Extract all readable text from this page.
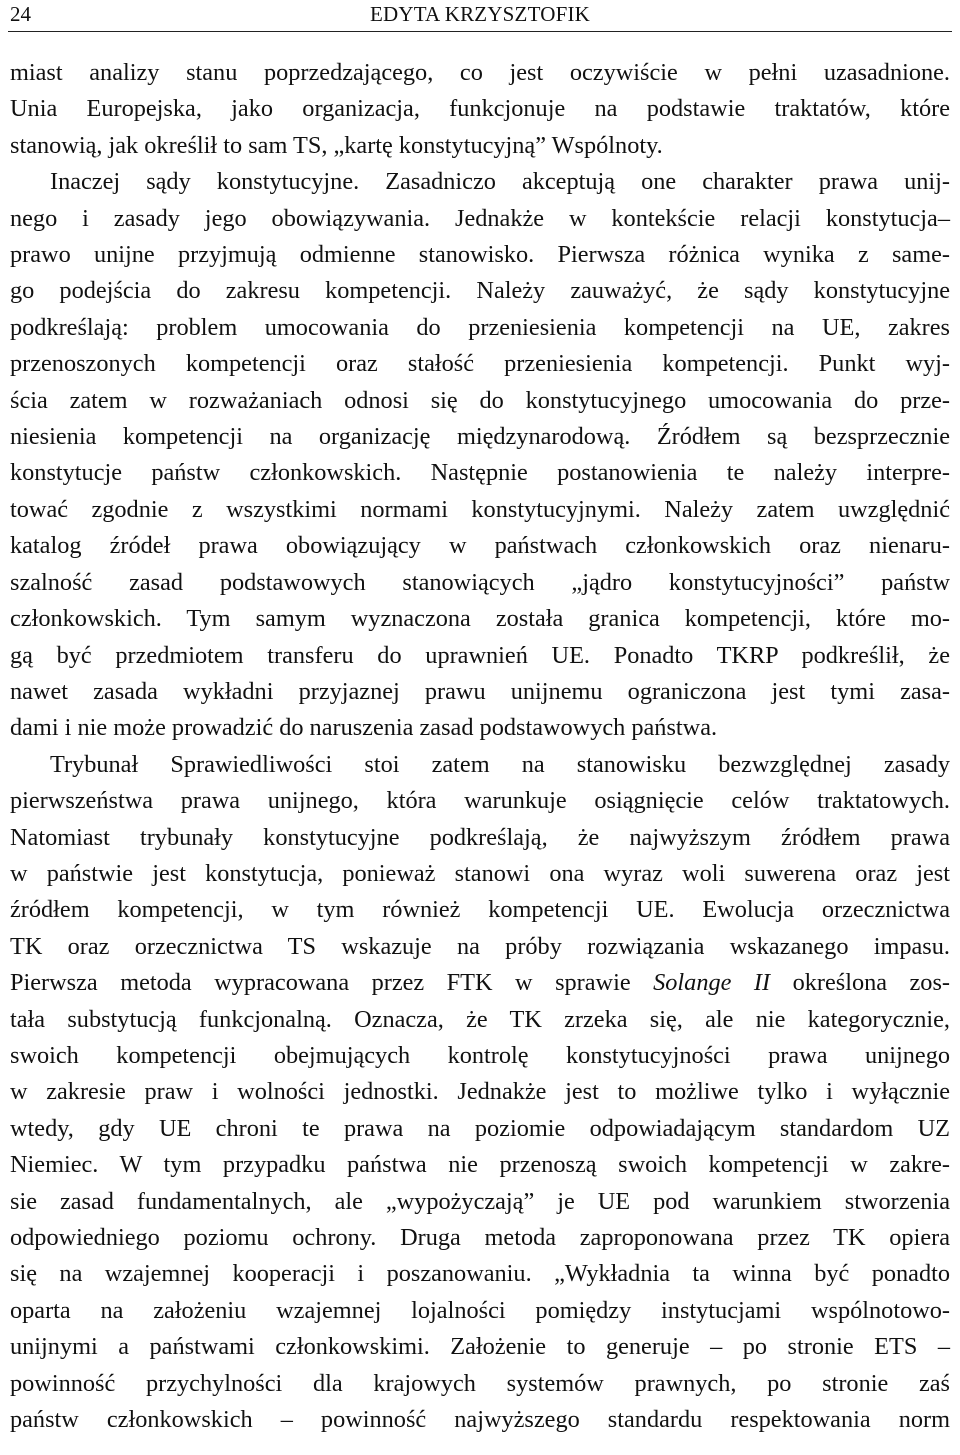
24	EDYTA KRZYSZTOFIK
miast analizy stanu poprzedzającego, co jest oczywiście w pełni uzasadnione.
Unia Europejska, jako organizacja, funkcjonuje na podstawie traktatów, które
stanowią, jak określił to sam TS, „kartę konstytucyjną” Wspólnoty.
Inaczej sądy konstytucyjne. Zasadniczo akceptują one charakter prawa unij-
nego i zasady jego obowiązywania. Jednakże w kontekście relacji konstytucja–
prawo unijne przyjmują odmienne stanowisko. Pierwsza różnica wynika z same-
go podejścia do zakresu kompetencji. Należy zauważyć, że sądy konstytucyjne
podkreślają: problem umocowania do przeniesienia kompetencji na UE, zakres
przenoszonych kompetencji oraz stałość przeniesienia kompetencji. Punkt wyj-
ścia zatem w rozważaniach odnosi się do konstytucyjnego umocowania do prze-
niesienia kompetencji na organizację międzynarodową. Źródłem są bezsprzecznie
konstytucje państw członkowskich. Następnie postanowienia te należy interpre-
tować zgodnie z wszystkimi normami konstytucyjnymi. Należy zatem uwzględnić
katalog źródeł prawa obowiązujący w państwach członkowskich oraz nienaru-
szalność zasad podstawowych stanowiących „jądro konstytucyjności” państw
członkowskich. Tym samym wyznaczona została granica kompetencji, które mo-
gą być przedmiotem transferu do uprawnień UE. Ponadto TKRP podkreślił, że
nawet zasada wykładni przyjaznej prawu unijnemu ograniczona jest tymi zasa-
dami i nie może prowadzić do naruszenia zasad podstawowych państwa.
Trybunał Sprawiedliwości stoi zatem na stanowisku bezwzględnej zasady
pierwszeństwa prawa unijnego, która warunkuje osiągnięcie celów traktatowych.
Natomiast trybunały konstytucyjne podkreślają, że najwyższym źródłem prawa
w państwie jest konstytucja, ponieważ stanowi ona wyraz woli suwerena oraz jest
źródłem kompetencji, w tym również kompetencji UE. Ewolucja orzecznictwa
TK oraz orzecznictwa TS wskazuje na próby rozwiązania wskazanego impasu.
Pierwsza metoda wypracowana przez FTK w sprawie Solange II określona zos-
tała substytucją funkcjonalną. Oznacza, że TK zrzeka się, ale nie kategorycznie,
swoich kompetencji obejmujących kontrolę konstytucyjności prawa unijnego
w zakresie praw i wolności jednostki. Jednakże jest to możliwe tylko i wyłącznie
wtedy, gdy UE chroni te prawa na poziomie odpowiadającym standardom UZ
Niemiec. W tym przypadku państwa nie przenoszą swoich kompetencji w zakre-
sie zasad fundamentalnych, ale „wypożyczają” je UE pod warunkiem stworzenia
odpowiedniego poziomu ochrony. Druga metoda zaproponowana przez TK opiera
się na wzajemnej kooperacji i poszanowaniu. „Wykładnia ta winna być ponadto
oparta na założeniu wzajemnej lojalności pomiędzy instytucjami wspólnotowo-
unijnymi a państwami członkowskimi. Założenie to generuje – po stronie ETS –
powinność przychylności dla krajowych systemów prawnych, po stronie zaś
państw członkowskich – powinność najwyższego standardu respektowania norm
